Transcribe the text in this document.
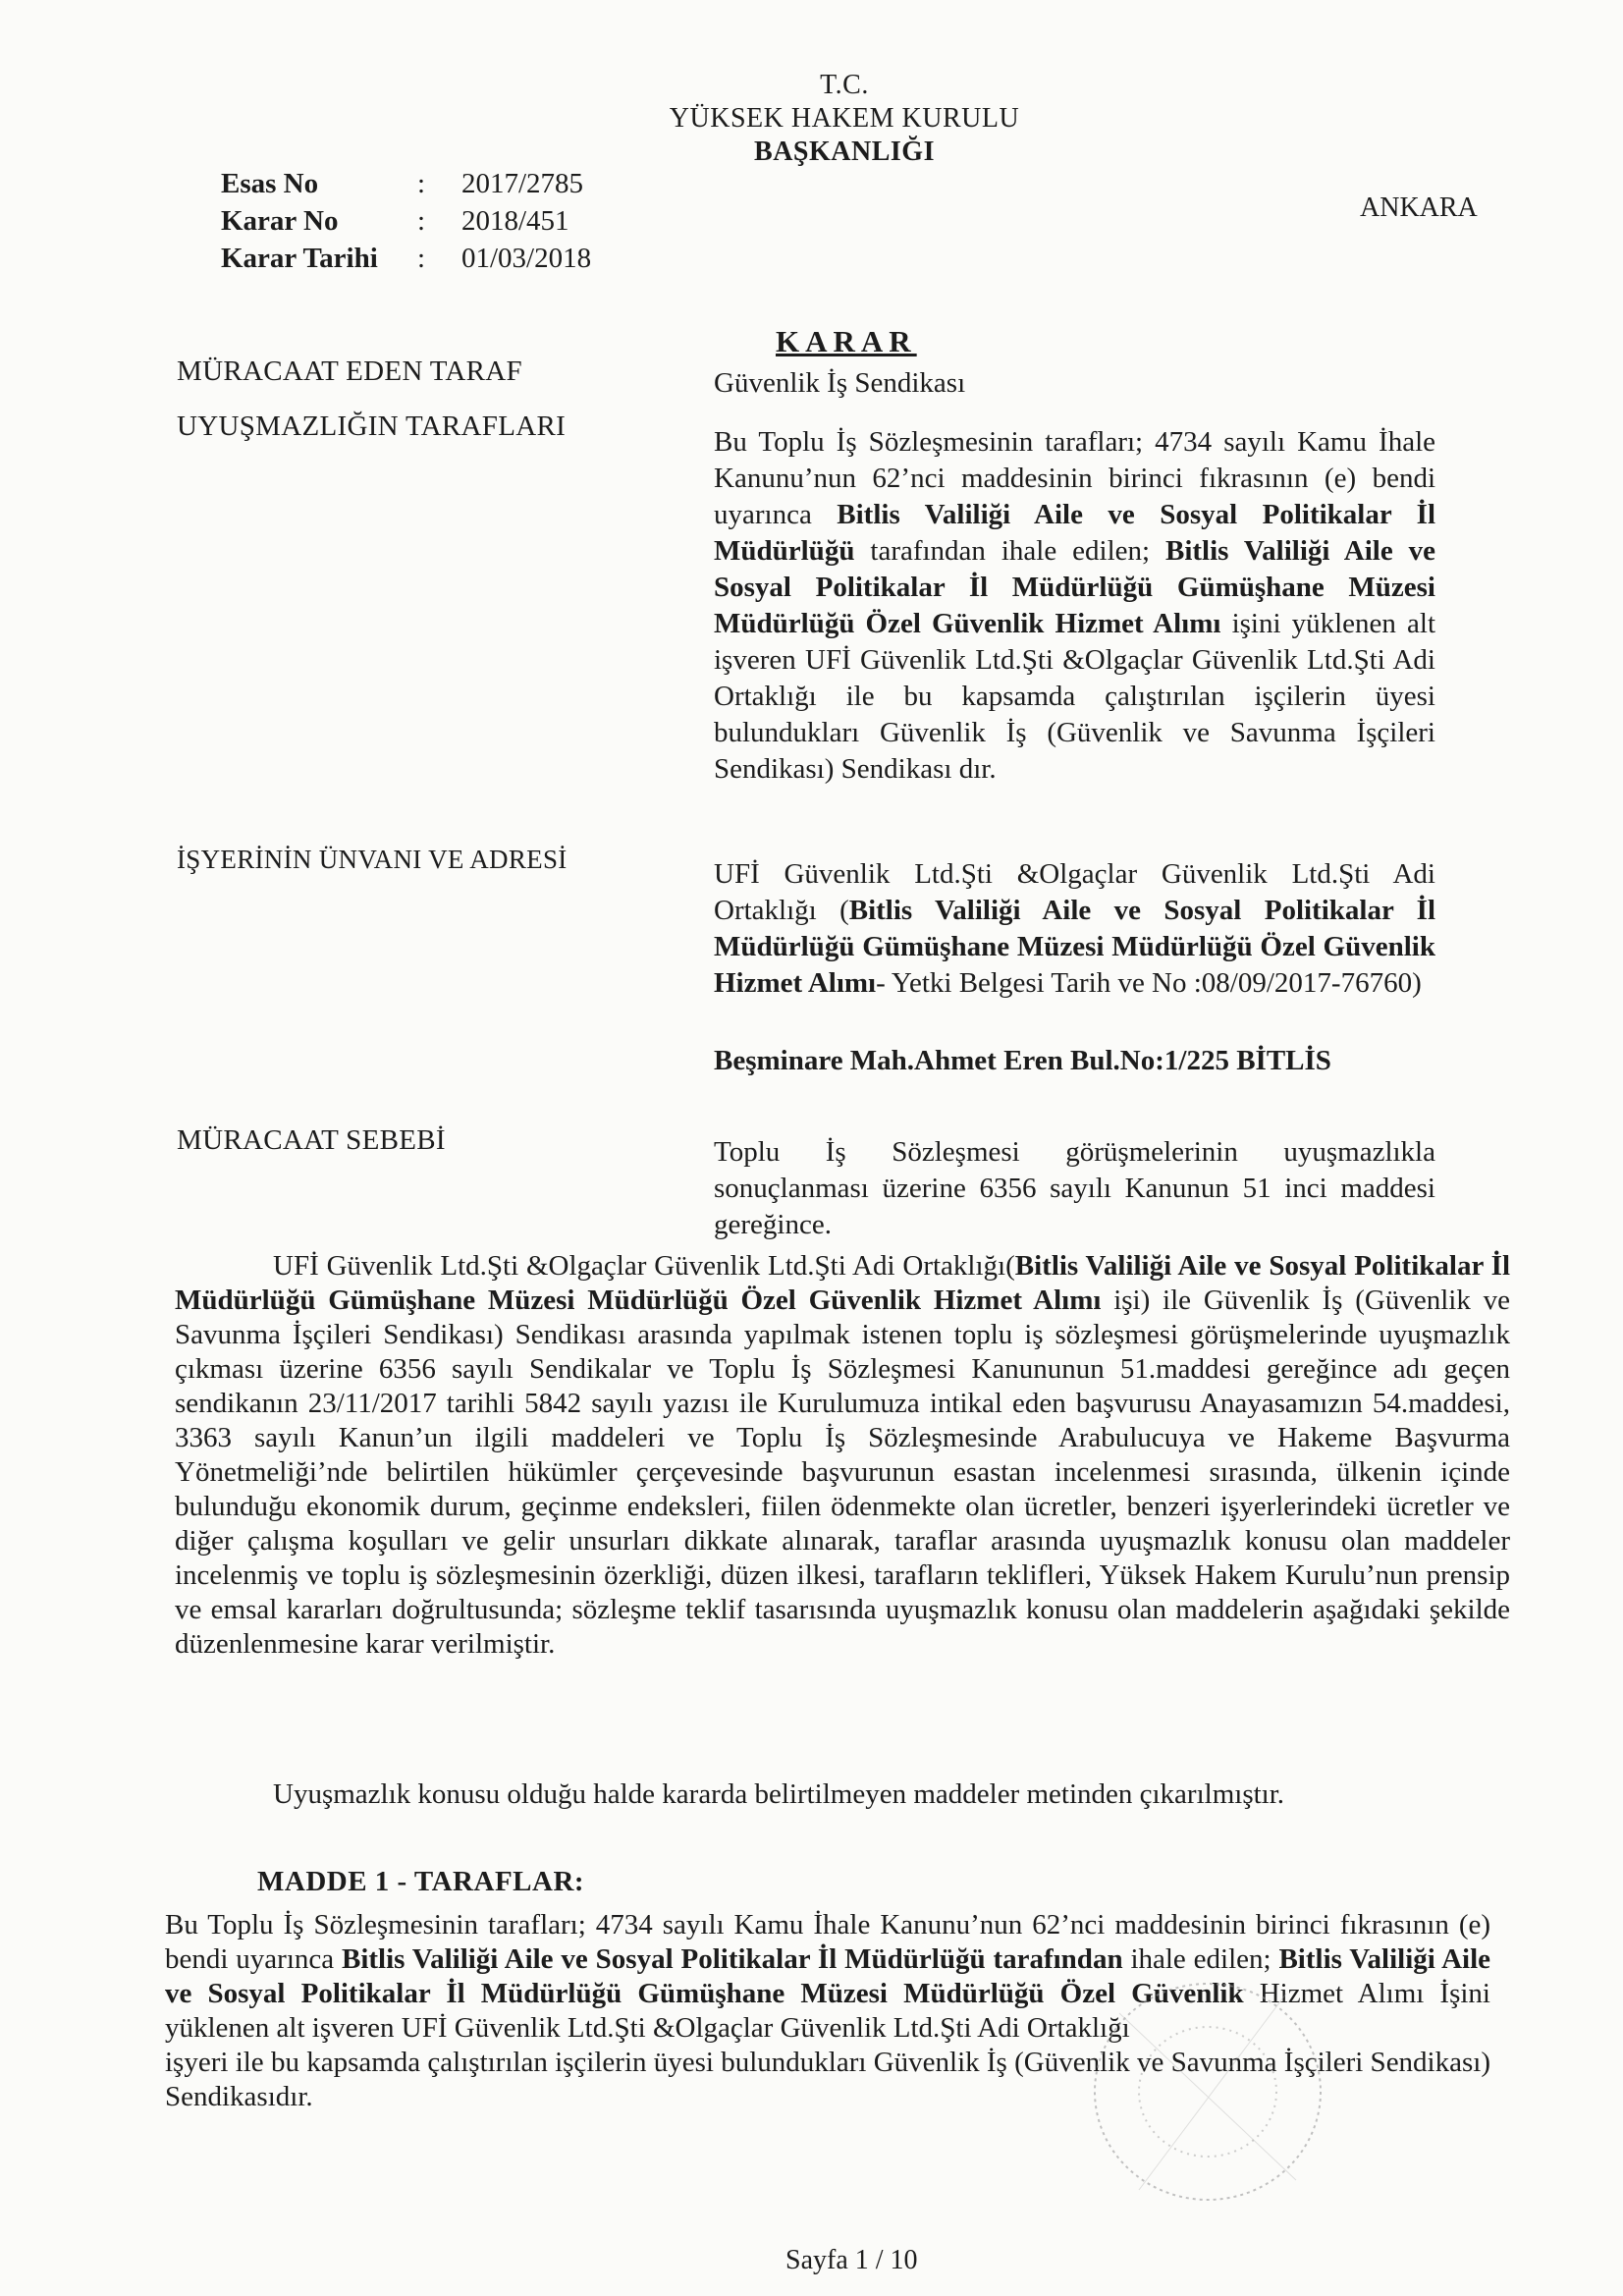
T.C.
YÜKSEK HAKEM KURULU
BAŞKANLIĞI
Esas No	: 2017/2785
Karar No	: 2018/451
Karar Tarihi : 01/03/2018
ANKARA
KARAR
MÜRACAAT EDEN TARAF
UYUŞMAZLIĞIN TARAFLARI
İŞYERİNİN ÜNVANI VE ADRESİ
MÜRACAAT SEBEBİ
Güvenlik İş Sendikası
Bu Toplu İş Sözleşmesinin tarafları; 4734 sayılı Kamu İhale Kanunu’nun 62’nci maddesinin birinci fıkrasının (e) bendi uyarınca Bitlis Valiliği Aile ve Sosyal Politikalar İl Müdürlüğü tarafından ihale edilen; Bitlis Valiliği Aile ve Sosyal Politikalar İl Müdürlüğü Gümüşhane Müzesi Müdürlüğü Özel Güvenlik Hizmet Alımı işini yüklenen alt işveren UFİ Güvenlik Ltd.Şti &Olgaçlar Güvenlik Ltd.Şti Adi Ortaklığı ile bu kapsamda çalıştırılan işçilerin üyesi bulundukları Güvenlik İş (Güvenlik ve Savunma İşçileri Sendikası) Sendikası dır.
UFİ Güvenlik Ltd.Şti &Olgaçlar Güvenlik Ltd.Şti Adi Ortaklığı (Bitlis Valiliği Aile ve Sosyal Politikalar İl Müdürlüğü Gümüşhane Müzesi Müdürlüğü Özel Güvenlik Hizmet Alımı- Yetki Belgesi Tarih ve No :08/09/2017-76760)
Beşminare Mah.Ahmet Eren Bul.No:1/225 BİTLİS
Toplu İş Sözleşmesi görüşmelerinin uyuşmazlıkla sonuçlanması üzerine 6356 sayılı Kanunun 51 inci maddesi gereğince.

UFİ Güvenlik Ltd.Şti &Olgaçlar Güvenlik Ltd.Şti Adi Ortaklığı(Bitlis Valiliği Aile ve Sosyal Politikalar İl Müdürlüğü Gümüşhane Müzesi Müdürlüğü Özel Güvenlik Hizmet Alımı işi) ile Güvenlik İş (Güvenlik ve Savunma İşçileri Sendikası) Sendikası arasında yapılmak istenen toplu iş sözleşmesi görüşmelerinde uyuşmazlık çıkması üzerine 6356 sayılı Sendikalar ve Toplu İş Sözleşmesi Kanununun 51.maddesi gereğince adı geçen sendikanın 23/11/2017 tarihli 5842 sayılı yazısı ile Kurulumuza intikal eden başvurusu Anayasamızın 54.maddesi, 3363 sayılı Kanun’un ilgili maddeleri ve Toplu İş Sözleşmesinde Arabulucuya ve Hakeme Başvurma Yönetmeliği’nde belirtilen hükümler çerçevesinde başvurunun esastan incelenmesi sırasında, ülkenin içinde bulunduğu ekonomik durum, geçinme endeksleri, fiilen ödenmekte olan ücretler, benzeri işyerlerindeki ücretler ve diğer çalışma koşulları ve gelir unsurları dikkate alınarak, taraflar arasında uyuşmazlık konusu olan maddeler incelenmiş ve toplu iş sözleşmesinin özerkliği, düzen ilkesi, tarafların teklifleri, Yüksek Hakem Kurulu’nun prensip ve emsal kararları doğrultusunda; sözleşme teklif tasarısında uyuşmazlık konusu olan maddelerin aşağıdaki şekilde düzenlenmesine karar verilmiştir.

Uyuşmazlık konusu olduğu halde kararda belirtilmeyen maddeler metinden çıkarılmıştır.

MADDE 1 - TARAFLAR:

Bu Toplu İş Sözleşmesinin tarafları; 4734 sayılı Kamu İhale Kanunu’nun 62’nci maddesinin birinci fıkrasının (e) bendi uyarınca Bitlis Valiliği Aile ve Sosyal Politikalar İl Müdürlüğü tarafından ihale edilen; Bitlis Valiliği Aile ve Sosyal Politikalar İl Müdürlüğü Gümüşhane Müzesi Müdürlüğü Özel Güvenlik Hizmet Alımı İşini yüklenen alt işveren UFİ Güvenlik Ltd.Şti &Olgaçlar Güvenlik Ltd.Şti Adi Ortaklığı

işyeri ile bu kapsamda çalıştırılan işçilerin üyesi bulundukları Güvenlik İş (Güvenlik ve Savunma İşçileri Sendikası) Sendikasıdır.

Sayfa 1 / 10
